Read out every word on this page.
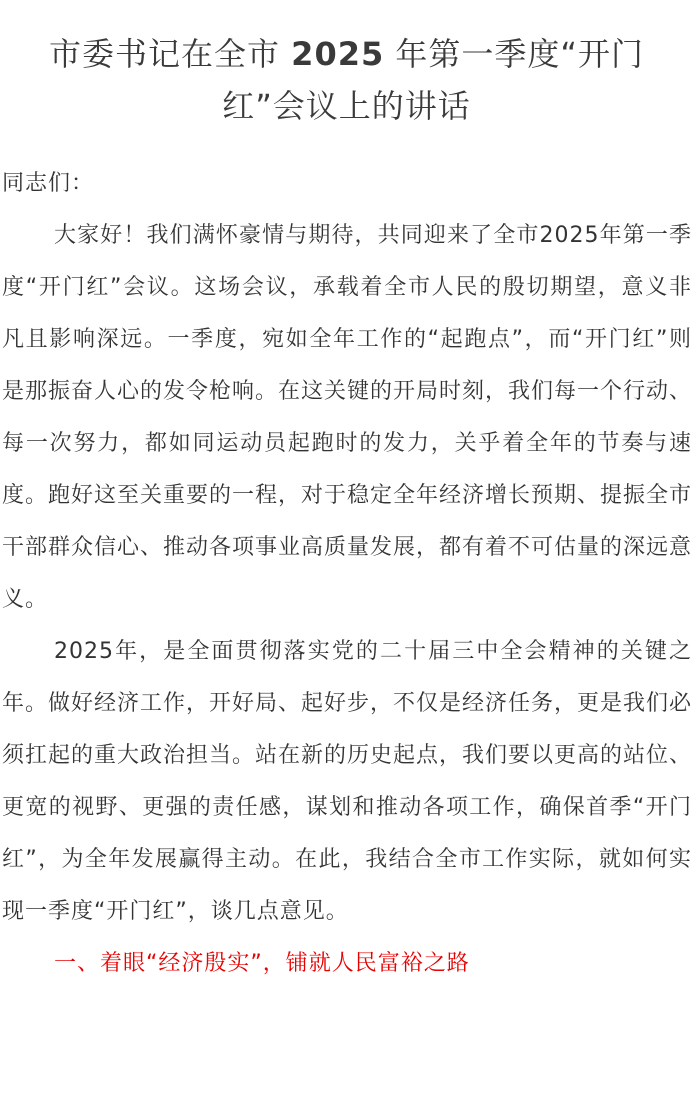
市委书记在全市 2025 年第一季度“开门红”会议上的讲话

同志们：

大家好！我们满怀豪情与期待，共同迎来了全市2025年第一季度“开门红”会议。这场会议，承载着全市人民的殷切期望，意义非凡且影响深远。一季度，宛如全年工作的“起跑点”，而“开门红”则是那振奋人心的发令枪响。在这关键的开局时刻，我们每一个行动、每一次努力，都如同运动员起跑时的发力，关乎着全年的节奏与速度。跑好这至关重要的一程，对于稳定全年经济增长预期、提振全市干部群众信心、推动各项事业高质量发展，都有着不可估量的深远意义。

2025年，是全面贯彻落实党的二十届三中全会精神的关键之年。做好经济工作，开好局、起好步，不仅是经济任务，更是我们必须扛起的重大政治担当。站在新的历史起点，我们要以更高的站位、更宽的视野、更强的责任感，谋划和推动各项工作，确保首季“开门红”，为全年发展赢得主动。在此，我结合全市工作实际，就如何实现一季度“开门红”，谈几点意见。

一、着眼“经济殷实”，铺就人民富裕之路
